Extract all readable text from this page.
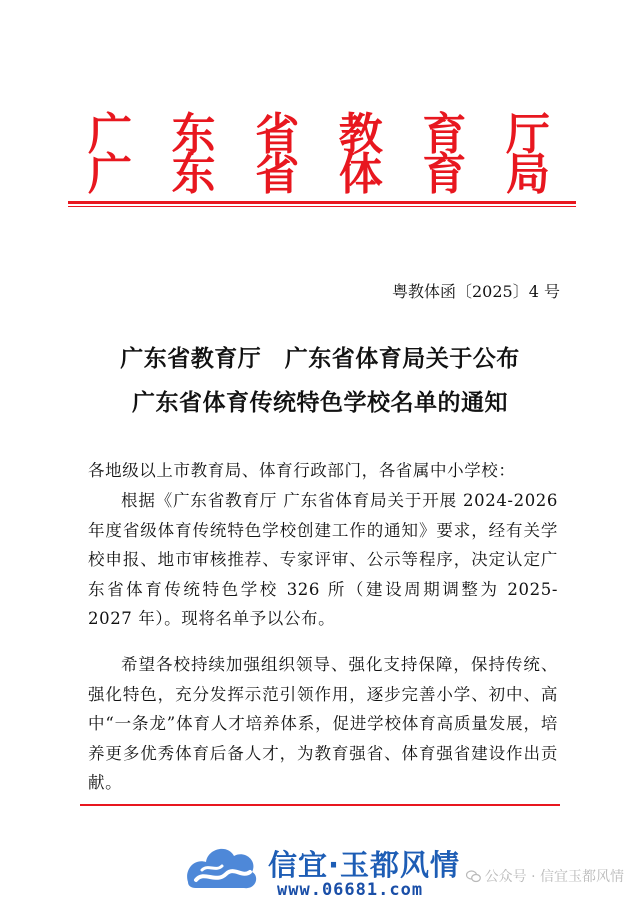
广 东 省 教 育 厅
广 东 省 体 育 局
粤教体函〔2025〕4 号
广东省教育厅　广东省体育局关于公布
广东省体育传统特色学校名单的通知
各地级以上市教育局、体育行政部门，各省属中小学校：
根据《广东省教育厅 广东省体育局关于开展 2024-2026 年度省级体育传统特色学校创建工作的通知》要求，经有关学校申报、地市审核推荐、专家评审、公示等程序，决定认定广东省体育传统特色学校 326 所（建设周期调整为 2025-2027 年）。现将名单予以公布。
希望各校持续加强组织领导、强化支持保障，保持传统、强化特色，充分发挥示范引领作用，逐步完善小学、初中、高中“一条龙”体育人才培养体系，促进学校体育高质量发展，培养更多优秀体育后备人才，为教育强省、体育强省建设作出贡献。
信宜·玉都风情
www.06681.com
公众号 · 信宜玉都风情
